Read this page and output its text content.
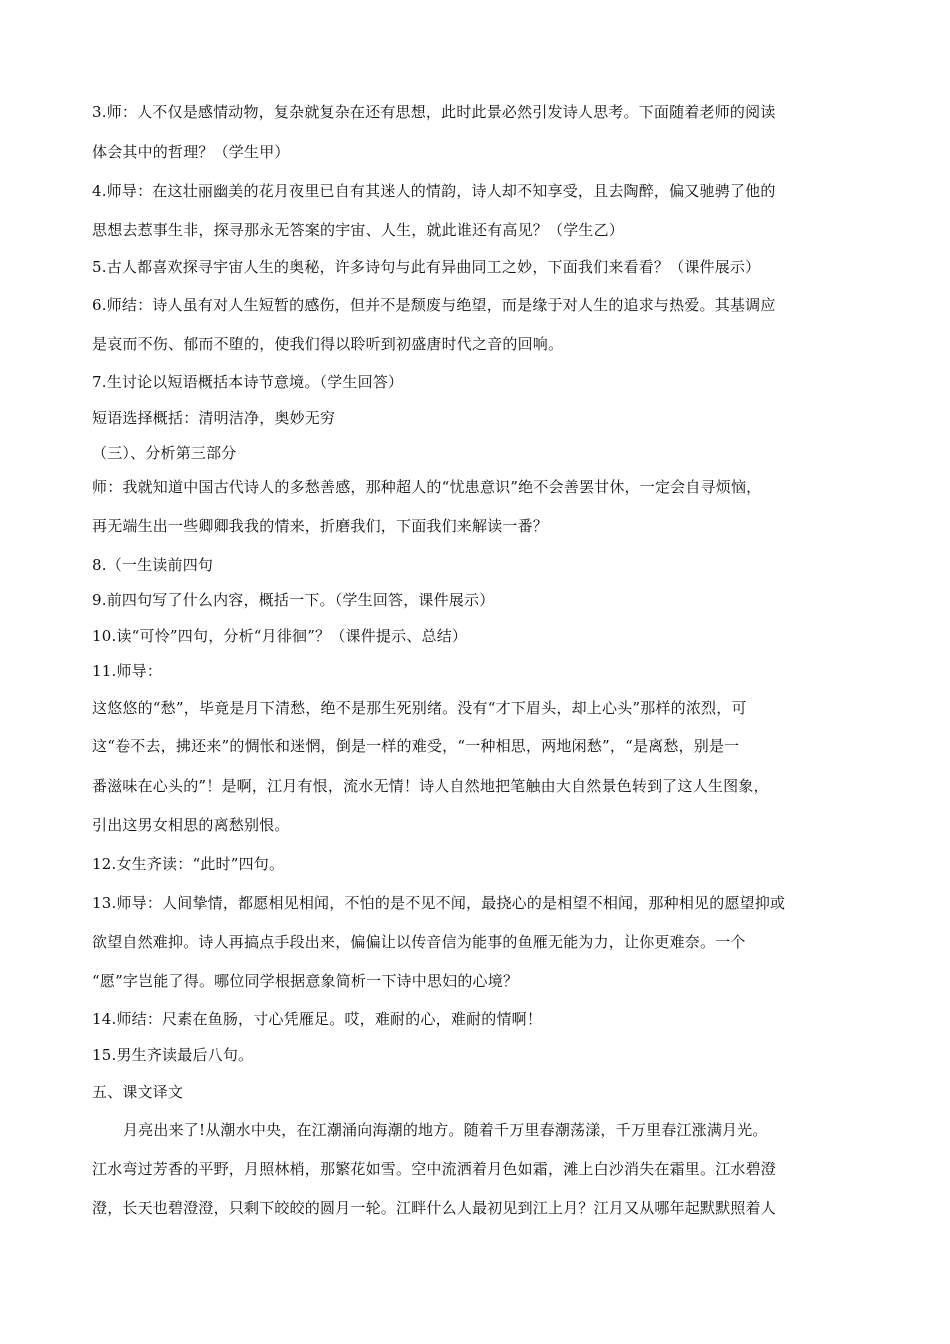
3.师：人不仅是感情动物，复杂就复杂在还有思想，此时此景必然引发诗人思考。下面随着老师的阅读
体会其中的哲理？（学生甲）
4.师导：在这壮丽幽美的花月夜里已自有其迷人的情韵，诗人却不知享受，且去陶醉，偏又驰骋了他的
思想去惹事生非，探寻那永无答案的宇宙、人生，就此谁还有高见？（学生乙）
5.古人都喜欢探寻宇宙人生的奥秘，许多诗句与此有异曲同工之妙，下面我们来看看？（课件展示）
6.师结：诗人虽有对人生短暂的感伤，但并不是颓废与绝望，而是缘于对人生的追求与热爱。其基调应
是哀而不伤、郁而不堕的，使我们得以聆听到初盛唐时代之音的回响。
7.生讨论以短语概括本诗节意境。（学生回答）
短语选择概括：清明洁净，奥妙无穷
（三）、分析第三部分
师：我就知道中国古代诗人的多愁善感，那种超人的“忧患意识”绝不会善罢甘休，一定会自寻烦恼，
再无端生出一些卿卿我我的情来，折磨我们，下面我们来解读一番？
8.（一生读前四句
9.前四句写了什么内容，概括一下。（学生回答，课件展示）
10.读“可怜”四句，分析“月徘徊”？（课件提示、总结）
11.师导：
这悠悠的“愁”，毕竟是月下清愁，绝不是那生死别绪。没有“才下眉头，却上心头”那样的浓烈，可
这“卷不去，拂还来”的惆怅和迷惘，倒是一样的难受，“一种相思，两地闲愁”，“是离愁，别是一
番滋味在心头的”！是啊，江月有恨，流水无情！诗人自然地把笔触由大自然景色转到了这人生图象，
引出这男女相思的离愁别恨。
12.女生齐读：“此时”四句。
13.师导：人间挚情，都愿相见相闻，不怕的是不见不闻，最挠心的是相望不相闻，那种相见的愿望抑或
欲望自然难抑。诗人再搞点手段出来，偏偏让以传音信为能事的鱼雁无能为力，让你更难奈。一个
“愿”字岂能了得。哪位同学根据意象简析一下诗中思妇的心境？
14.师结：尺素在鱼肠，寸心凭雁足。哎，难耐的心，难耐的情啊！
15.男生齐读最后八句。
五、课文译文
月亮出来了!从潮水中央，在江潮涌向海潮的地方。随着千万里春潮荡漾，千万里春江涨满月光。
江水弯过芳香的平野，月照林梢，那繁花如雪。空中流洒着月色如霜，滩上白沙消失在霜里。江水碧澄
澄，长天也碧澄澄，只剩下皎皎的圆月一轮。江畔什么人最初见到江上月？江月又从哪年起默默照着人
